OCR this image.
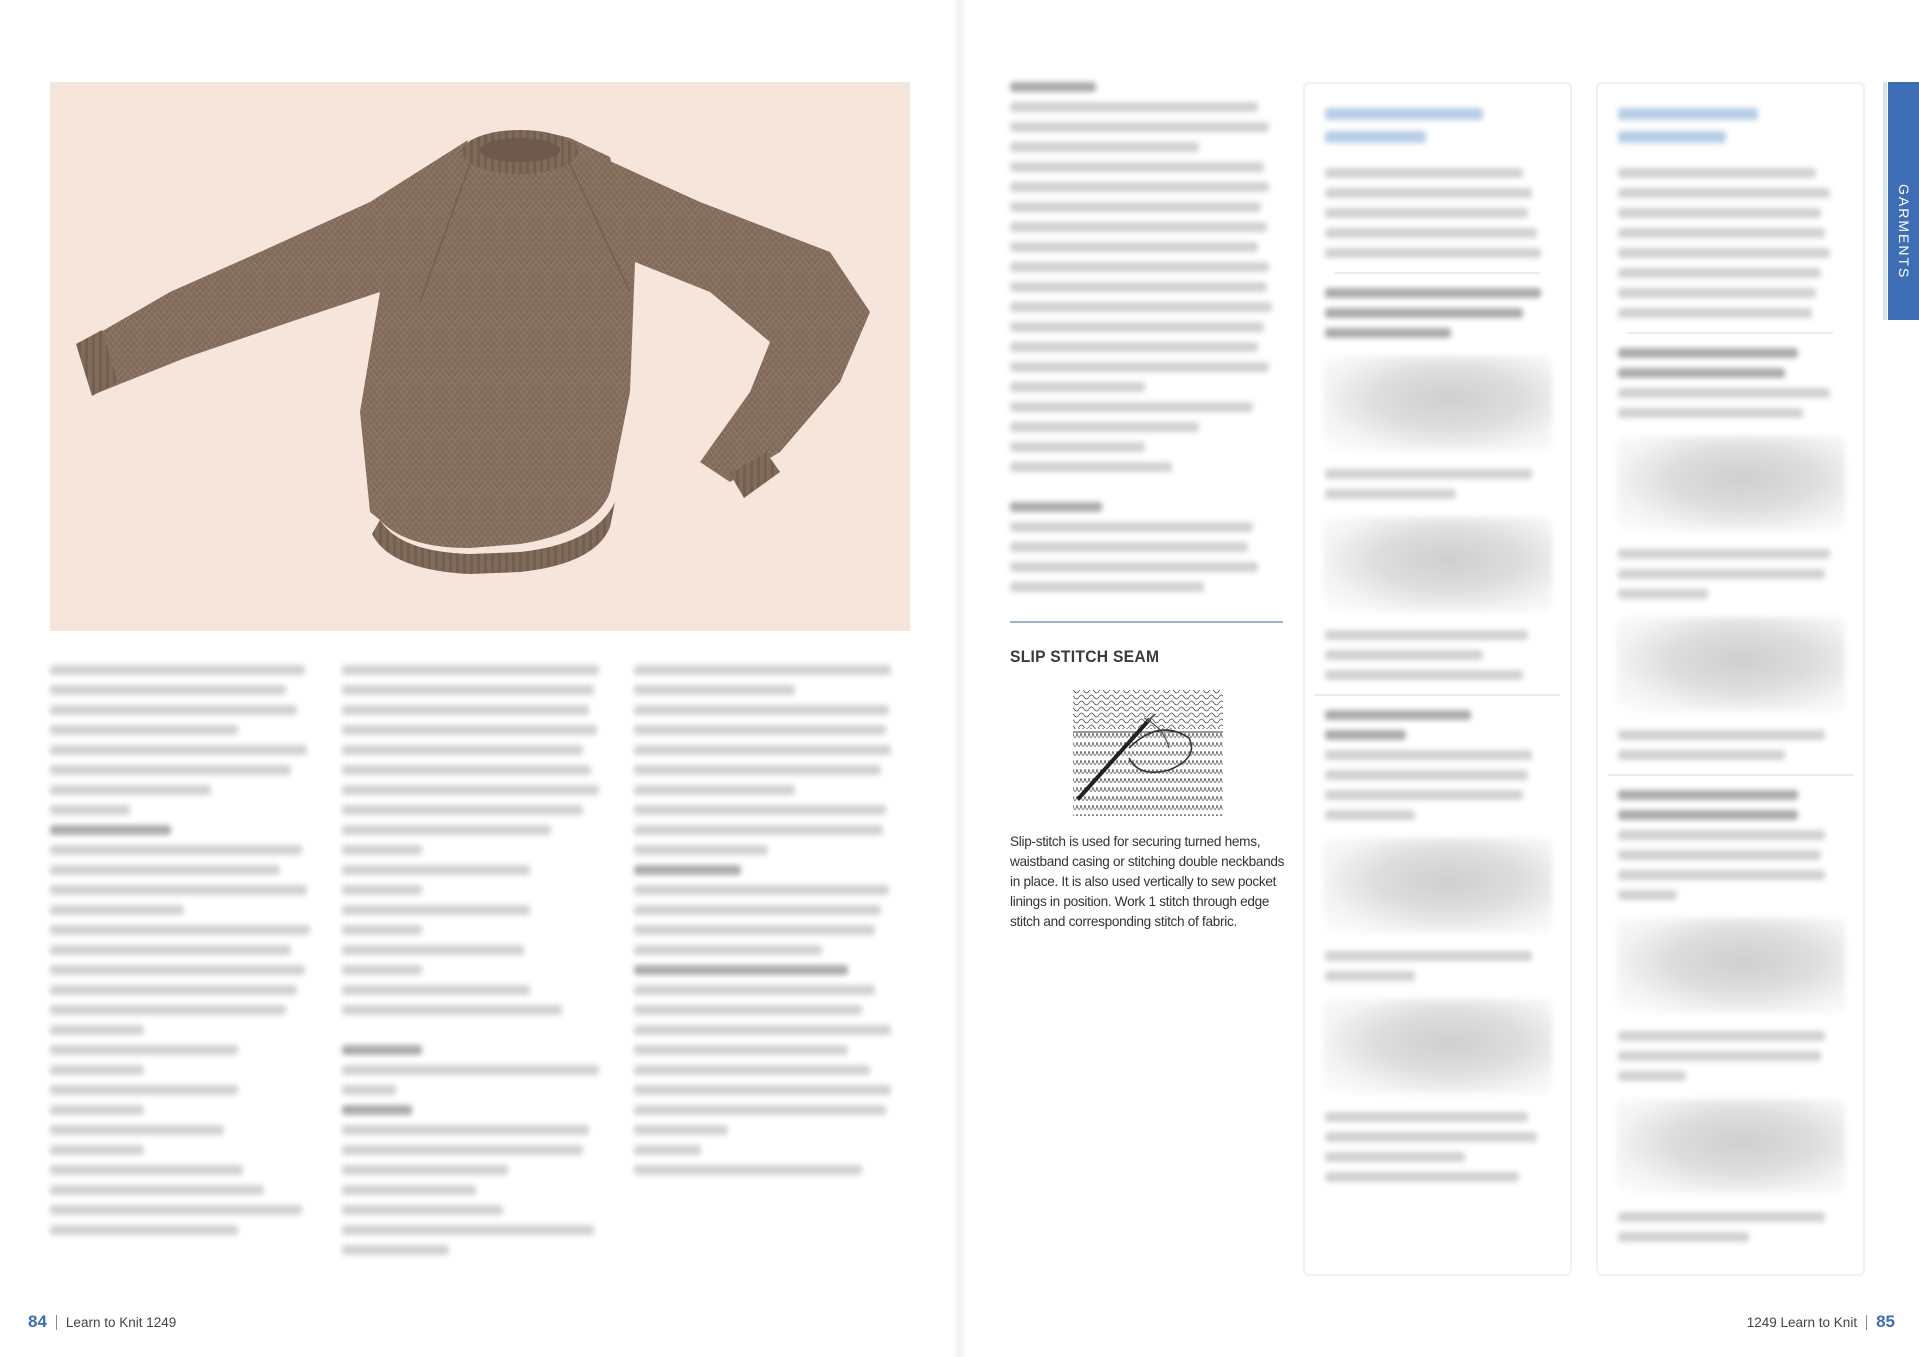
SLIP STITCH SEAM
Slip-stitch is used for securing turned hems, waistband casing or stitching double neckbands in place. It is also used vertically to sew pocket linings in position. Work 1 stitch through edge stitch and corresponding stitch of fabric.
84 Learn to Knit 1249	1249 Learn to Knit 85
